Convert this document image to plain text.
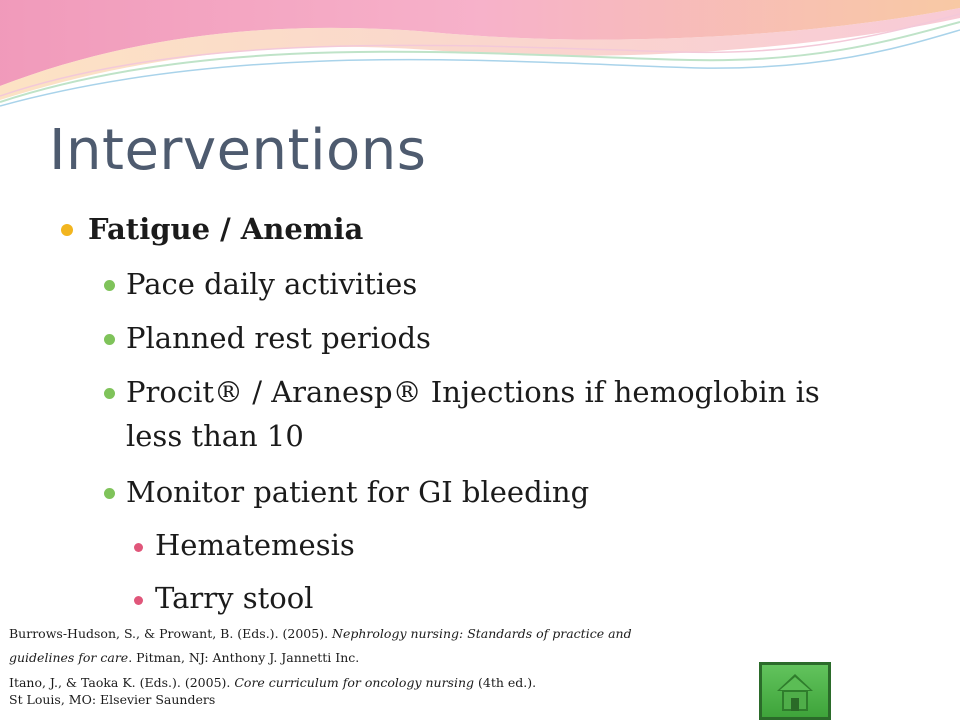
Interventions
Fatigue / Anemia
Pace daily activities
Planned rest periods
Procit® / Aranesp® Injections if hemoglobin is
less than 10
Monitor patient for GI bleeding
Hematemesis
Tarry stool
Burrows-Hudson, S., & Prowant, B. (Eds.). (2005). Nephrology nursing: Standards of practice and
guidelines for care. Pitman, NJ: Anthony J. Jannetti Inc.
Itano, J., & Taoka K. (Eds.). (2005). Core curriculum for oncology nursing (4th ed.).
St Louis, MO: Elsevier Saunders
